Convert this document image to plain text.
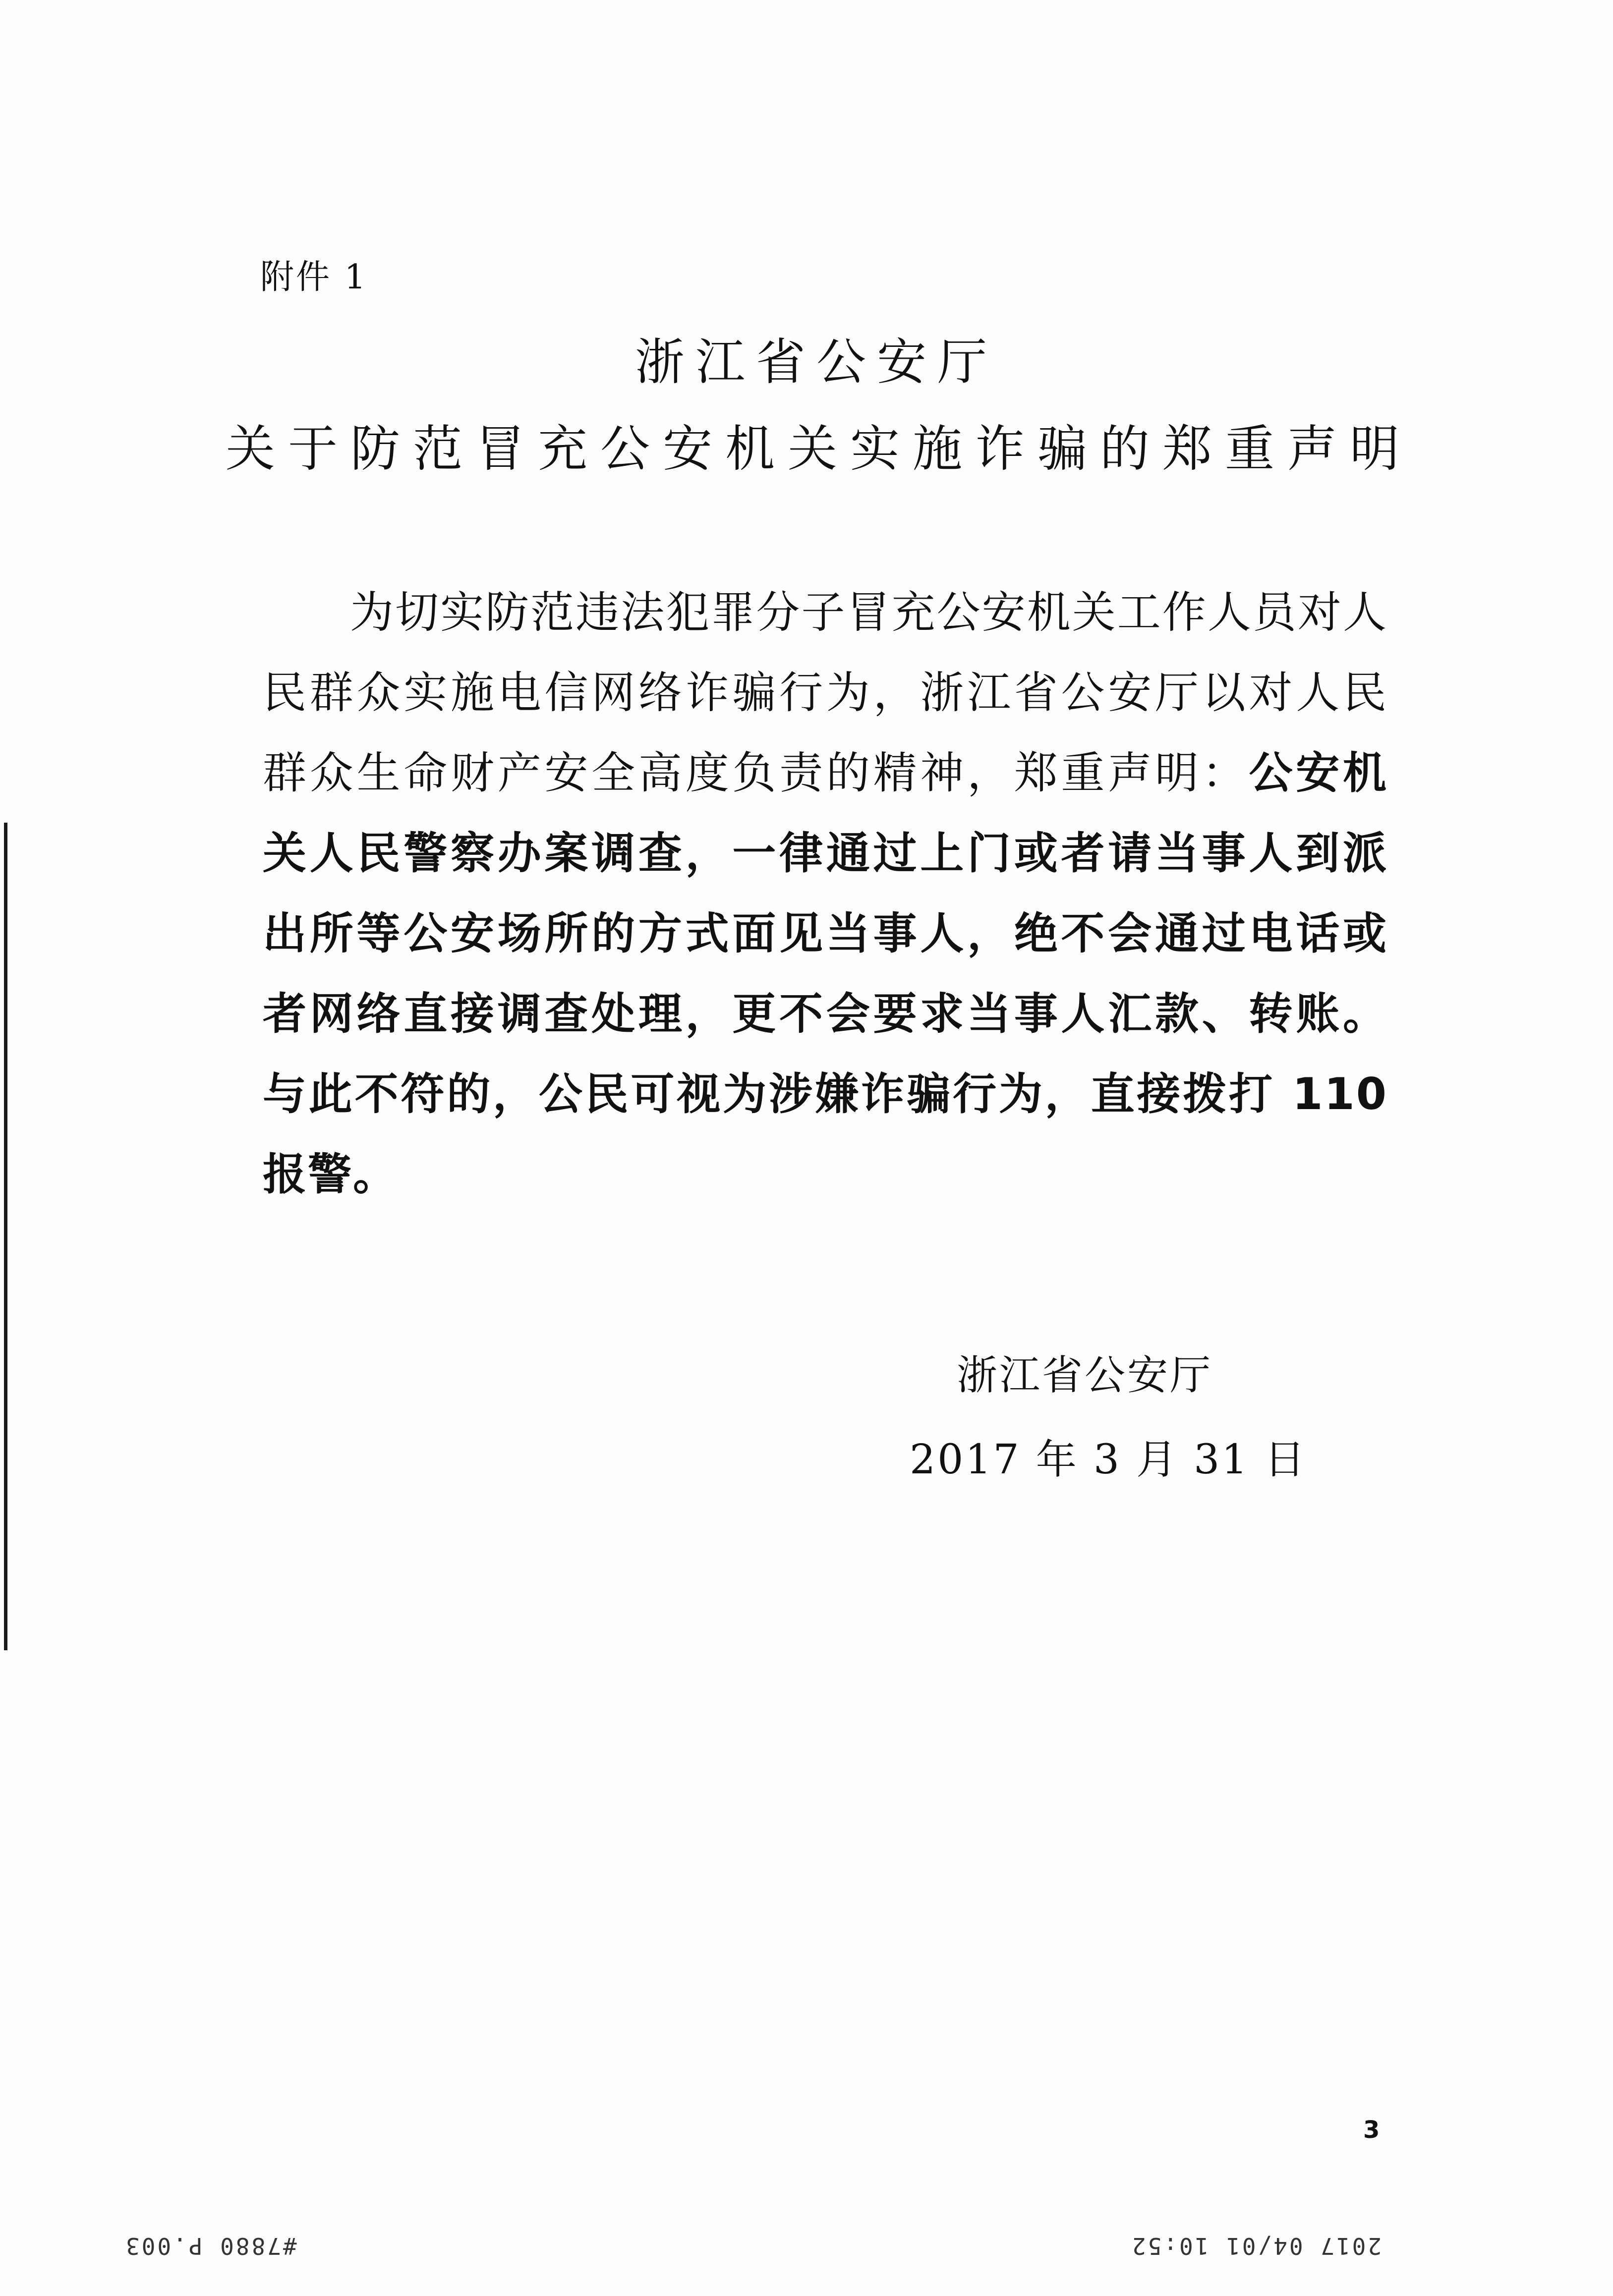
附件 1
浙江省公安厅
关于防范冒充公安机关实施诈骗的郑重声明

为切实防范违法犯罪分子冒充公安机关工作人员对人民群众实施电信网络诈骗行为，浙江省公安厅以对人民群众生命财产安全高度负责的精神，郑重声明：公安机关人民警察办案调查，一律通过上门或者请当事人到派出所等公安场所的方式面见当事人，绝不会通过电话或者网络直接调查处理，更不会要求当事人汇款、转账。与此不符的，公民可视为涉嫌诈骗行为，直接拨打 110 报警。

浙江省公安厅
2017 年 3 月 31 日
3
#7880 P.003	2017 04/01 10:52
